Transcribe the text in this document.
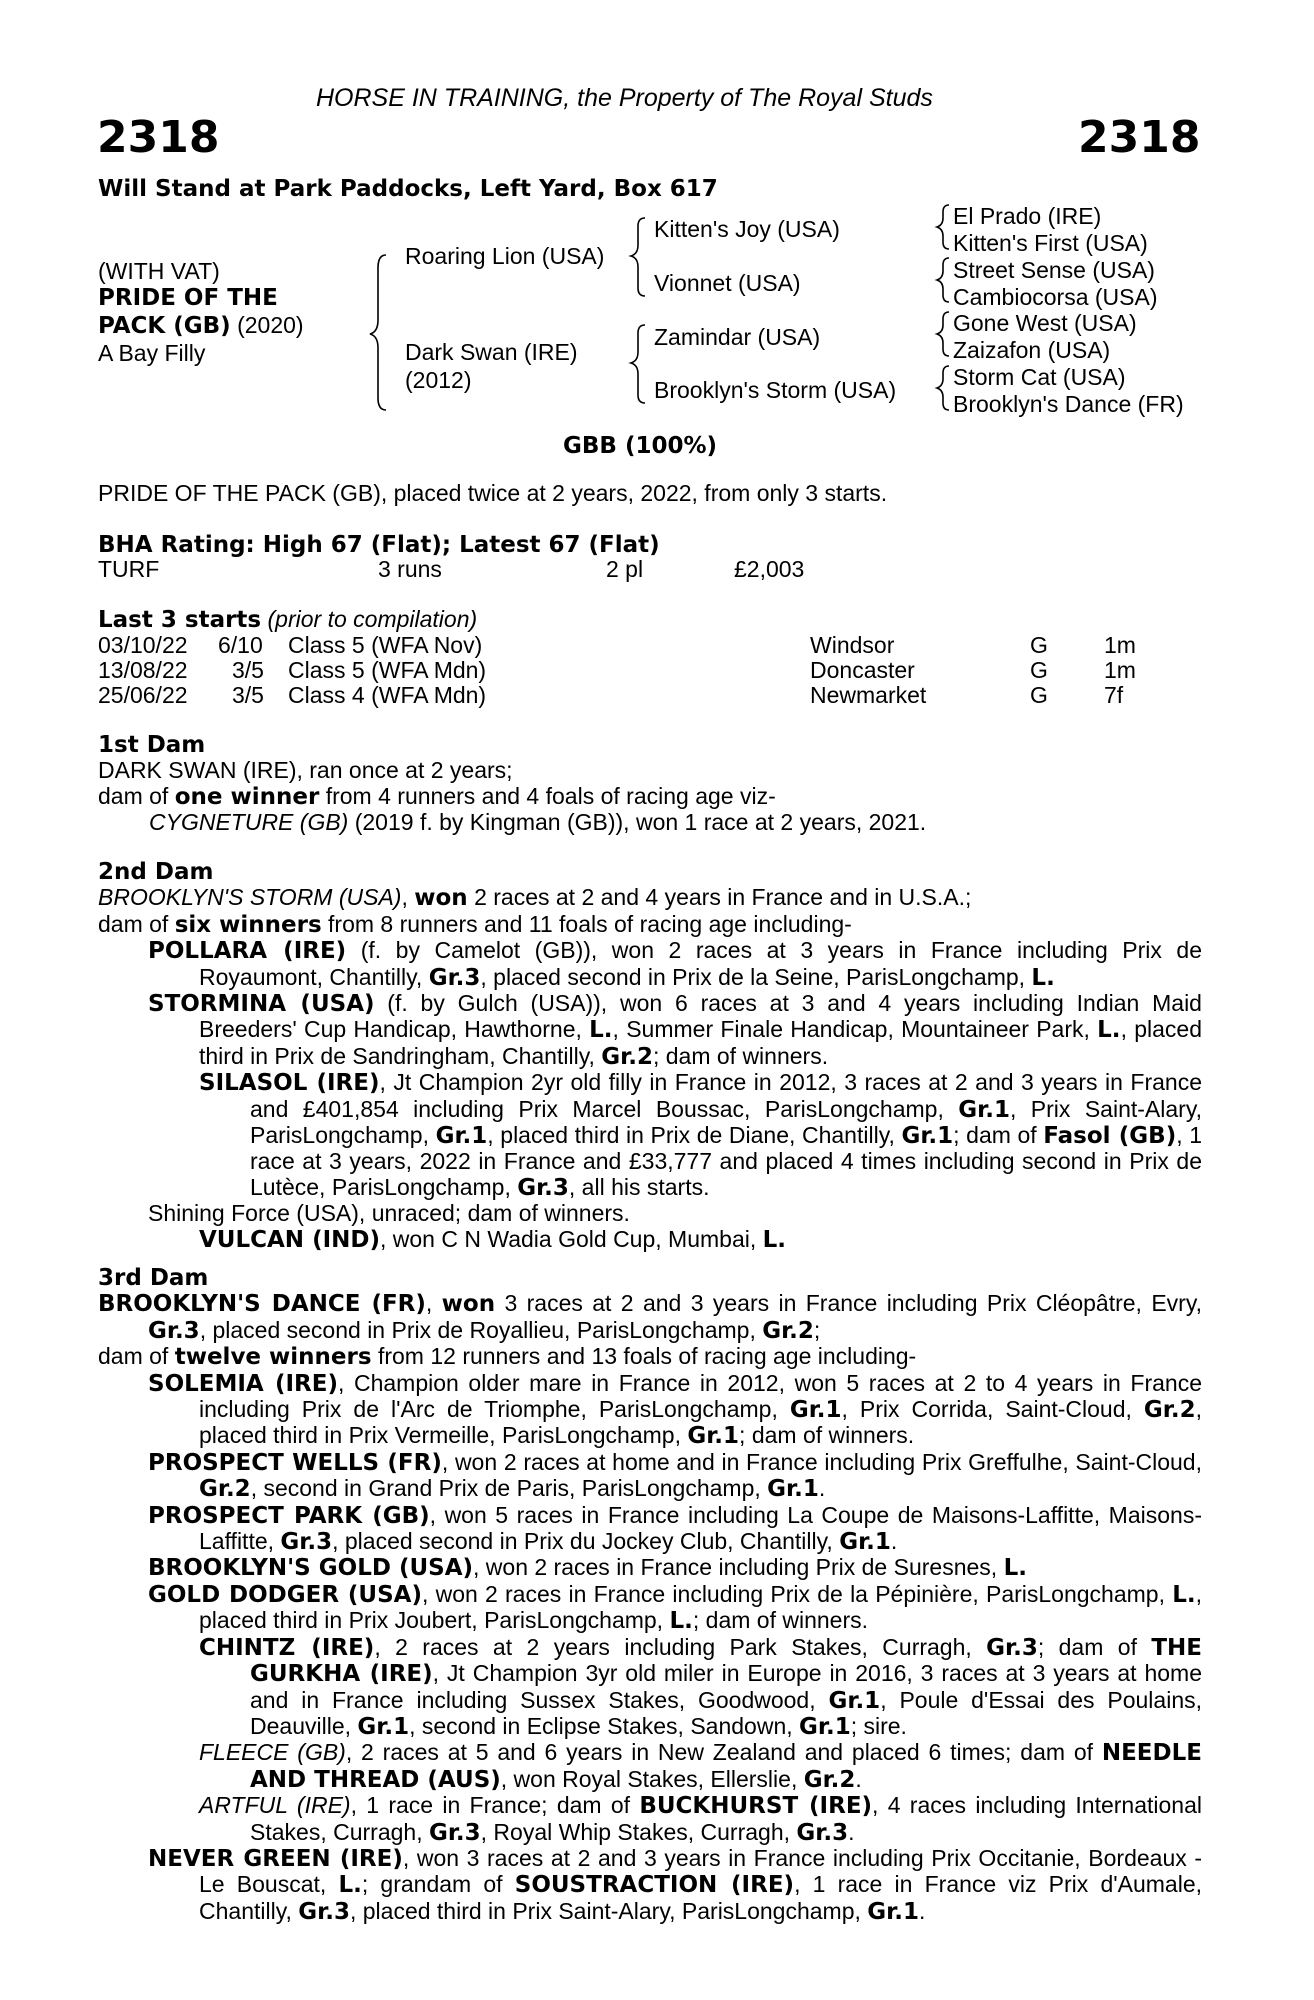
HORSE IN TRAINING, the Property of The Royal Studs
2318	2318
Will Stand at Park Paddocks, Left Yard, Box 617
(WITH VAT)
PRIDE OF THE
PACK (GB) (2020)
A Bay Filly
Roaring Lion (USA)
Dark Swan (IRE)
(2012)
Kitten's Joy (USA)
Vionnet (USA)
Zamindar (USA)
Brooklyn's Storm (USA)
El Prado (IRE)
Kitten's First (USA)
Street Sense (USA)
Cambiocorsa (USA)
Gone West (USA)
Zaizafon (USA)
Storm Cat (USA)
Brooklyn's Dance (FR)
GBB (100%)
PRIDE OF THE PACK (GB), placed twice at 2 years, 2022, from only 3 starts.
BHA Rating: High 67 (Flat); Latest 67 (Flat)
TURF	3 runs	2 pl	£2,003
Last 3 starts (prior to compilation)
03/10/22 6/10 Class 5 (WFA Nov)	Windsor	G 1m
13/08/22 3/5 Class 5 (WFA Mdn)	Doncaster	G 1m
25/06/22 3/5 Class 4 (WFA Mdn)	Newmarket	G 7f
1st Dam
DARK SWAN (IRE), ran once at 2 years;
dam of one winner from 4 runners and 4 foals of racing age viz-
CYGNETURE (GB) (2019 f. by Kingman (GB)), won 1 race at 2 years, 2021.
2nd Dam
BROOKLYN'S STORM (USA), won 2 races at 2 and 4 years in France and in U.S.A.;
dam of six winners from 8 runners and 11 foals of racing age including-
POLLARA (IRE) (f. by Camelot (GB)), won 2 races at 3 years in France including Prix de Royaumont, Chantilly, Gr.3, placed second in Prix de la Seine, ParisLongchamp, L.
STORMINA (USA) (f. by Gulch (USA)), won 6 races at 3 and 4 years including Indian Maid Breeders' Cup Handicap, Hawthorne, L., Summer Finale Handicap, Mountaineer Park, L., placed third in Prix de Sandringham, Chantilly, Gr.2; dam of winners.
SILASOL (IRE), Jt Champion 2yr old filly in France in 2012, 3 races at 2 and 3 years in France and £401,854 including Prix Marcel Boussac, ParisLongchamp, Gr.1, Prix Saint-Alary, ParisLongchamp, Gr.1, placed third in Prix de Diane, Chantilly, Gr.1; dam of Fasol (GB), 1 race at 3 years, 2022 in France and £33,777 and placed 4 times including second in Prix de Lutèce, ParisLongchamp, Gr.3, all his starts.
Shining Force (USA), unraced; dam of winners.
VULCAN (IND), won C N Wadia Gold Cup, Mumbai, L.
3rd Dam
BROOKLYN'S DANCE (FR), won 3 races at 2 and 3 years in France including Prix Cléopâtre, Evry, Gr.3, placed second in Prix de Royallieu, ParisLongchamp, Gr.2;
dam of twelve winners from 12 runners and 13 foals of racing age including-
SOLEMIA (IRE), Champion older mare in France in 2012, won 5 races at 2 to 4 years in France including Prix de l'Arc de Triomphe, ParisLongchamp, Gr.1, Prix Corrida, Saint-Cloud, Gr.2, placed third in Prix Vermeille, ParisLongchamp, Gr.1; dam of winners.
PROSPECT WELLS (FR), won 2 races at home and in France including Prix Greffulhe, Saint-Cloud, Gr.2, second in Grand Prix de Paris, ParisLongchamp, Gr.1.
PROSPECT PARK (GB), won 5 races in France including La Coupe de Maisons-Laffitte, Maisons-Laffitte, Gr.3, placed second in Prix du Jockey Club, Chantilly, Gr.1.
BROOKLYN'S GOLD (USA), won 2 races in France including Prix de Suresnes, L.
GOLD DODGER (USA), won 2 races in France including Prix de la Pépinière, ParisLongchamp, L., placed third in Prix Joubert, ParisLongchamp, L.; dam of winners.
CHINTZ (IRE), 2 races at 2 years including Park Stakes, Curragh, Gr.3; dam of THE GURKHA (IRE), Jt Champion 3yr old miler in Europe in 2016, 3 races at 3 years at home and in France including Sussex Stakes, Goodwood, Gr.1, Poule d'Essai des Poulains, Deauville, Gr.1, second in Eclipse Stakes, Sandown, Gr.1; sire.
FLEECE (GB), 2 races at 5 and 6 years in New Zealand and placed 6 times; dam of NEEDLE AND THREAD (AUS), won Royal Stakes, Ellerslie, Gr.2.
ARTFUL (IRE), 1 race in France; dam of BUCKHURST (IRE), 4 races including International Stakes, Curragh, Gr.3, Royal Whip Stakes, Curragh, Gr.3.
NEVER GREEN (IRE), won 3 races at 2 and 3 years in France including Prix Occitanie, Bordeaux - Le Bouscat, L.; grandam of SOUSTRACTION (IRE), 1 race in France viz Prix d'Aumale, Chantilly, Gr.3, placed third in Prix Saint-Alary, ParisLongchamp, Gr.1.
